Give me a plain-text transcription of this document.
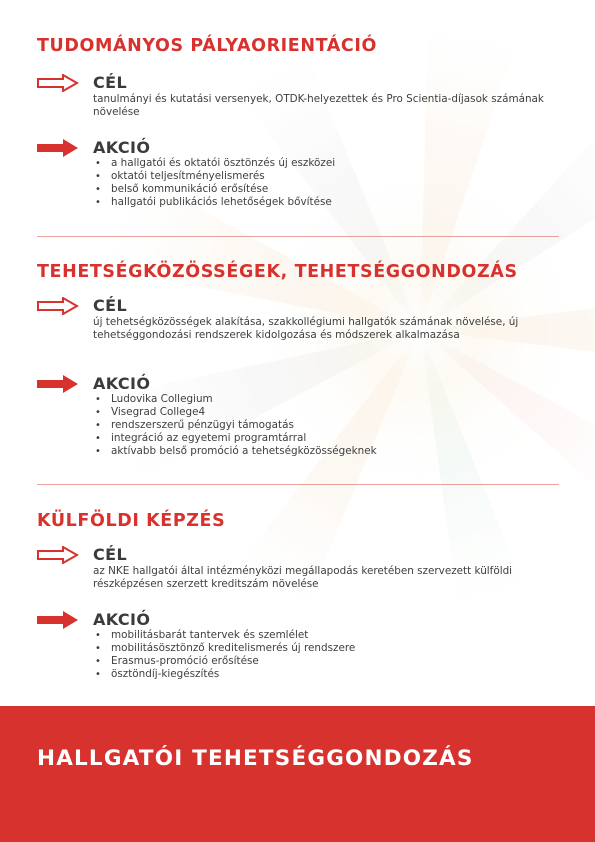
TUDOMÁNYOS PÁLYAORIENTÁCIÓ
CÉL

tanulmányi és kutatási versenyek, OTDK-helyezettek és Pro Scientia-díjasok számának növelése

AKCIÓ
• a hallgatói és oktatói ösztönzés új eszközei
• oktatói teljesítményelismerés
• belső kommunikáció erősítése
• hallgatói publikációs lehetőségek bővítése
TEHETSÉGKÖZÖSSÉGEK, TEHETSÉGGONDOZÁS
CÉL

új tehetségközösségek alakítása, szakkollégiumi hallgatók számának növelése, új tehetséggondozási rendszerek kidolgozása és módszerek alkalmazása

AKCIÓ
• Ludovika Collegium
• Visegrad College4
• rendszerszerű pénzügyi támogatás
• integráció az egyetemi programtárral
• aktívabb belső promóció a tehetségközösségeknek
KÜLFÖLDI KÉPZÉS
CÉL

az NKE hallgatói által intézményközi megállapodás keretében szervezett külföldi részképzésen szerzett kreditszám növelése

AKCIÓ
• mobilitásbarát tantervek és szemlélet
• mobilitásösztönző kreditelismerés új rendszere
• Erasmus-promóció erősítése
• ösztöndíj-kiegészítés
HALLGATÓI TEHETSÉGGONDOZÁS
